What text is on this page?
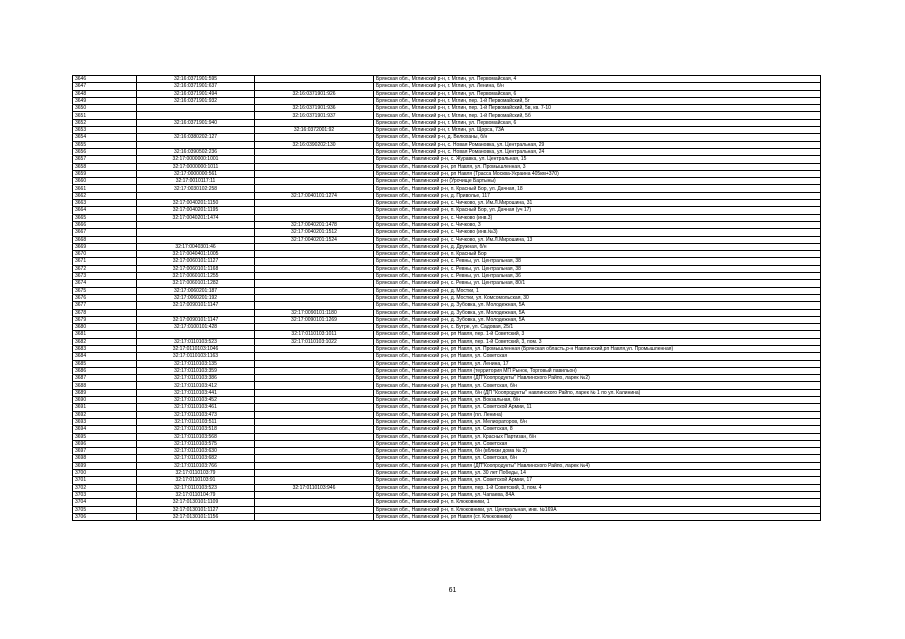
3646	32:16:0371901:595		Брянская обл., Мглинский р-н, г. Мглин, ул. Первомайская, 4
3647	32:16:0371901:637		Брянская обл., Мглинский р-н, г. Мглин, ул. Ленина, б/н
3648	32:16:0371901:494	32:16:0371901:926	Брянская обл., Мглинский р-н, г. Мглин, ул. Первомайская, 6
3649	32:16:0371901:932		Брянская обл., Мглинский р-н, г. Мглин, пер. 1-й Первомайский, 5г
3650		32:16:0371901:936	Брянская обл., Мглинский р-н, г. Мглин, пер. 1-й Первомайский, 5в, кв. 7-10
3651		32:16:0371901:937	Брянская обл., Мглинский р-н, г. Мглин, пер. 1-й Первомайский, 5б
3652	32:16:0371901:940		Брянская обл., Мглинский р-н, г. Мглин, ул. Первомайская, 6
3653		32:16:0372001:92	Брянская обл., Мглинский р-н, г. Мглин, ул. Щорса, 73А
3654	32:16:0380202:127		Брянская обл., Мглинский р-н, д. Велюханы, б/н
3655		32:16:0390202:130	Брянская обл., Мглинский р-н, с. Новая Романовка, ул. Центральная, 29
3656	32:16:0390502:236		Брянская обл., Мглинский р-н, с. Новая Романовка, ул. Центральная, 24
3657	32:17:0000000:1001		Брянская обл., Навлинский р-н, с. Журавка, ул. Центральная, 15
3658	32:17:0000000:1011		Брянская обл., Навлинский р-н, рп Навля, ул. Промышленная, 3
3659	32:17:0000000:561		Брянская обл., Навлинский р-н, рп Навля (Трасса Москва-Украина 405км+370)
3660	32:17:0010117:11		Брянская обл., Навлинский р-н (Урочище Бартыны)
3661	32:17:0030102:258		Брянская обл., Навлинский р-н, п. Красный Бор, ул. Дачная, 18
3662		32:17:0040101:1274	Брянская обл., Навлинский р-н, д. Приволье, 117
3663	32:17:0040201:1150		Брянская обл., Навлинский р-н, с. Чичково, ул. Им.Л.Мирошина, 31
3664	32:17:0040201:1195		Брянская обл., Навлинский р-н, п. Красный Бор, ул. Дачная (уч 17)
3665	32:17:0040201:1474		Брянская обл., Навлинский р-н, с. Чичково (инв.3)
3666		32:17:0040201:1478	Брянская обл., Навлинский р-н, с. Чичково, 3
3667		32:17:0040201:1512	Брянская обл., Навлинский р-н, с. Чичково (инв.№3)
3668		32:17:0040201:1524	Брянская обл., Навлинский р-н, с. Чичково, ул. Им.Л.Мирошина, 13
3669	32:17:0040301:46		Брянская обл., Навлинский р-н, д. Дружная, б/н
3670	32:17:0040401:1005		Брянская обл., Навлинский р-н, п. Красный Бор
3671	32:17:0060101:1127		Брянская обл., Навлинский р-н, с. Ревны, ул. Центральная, 38
3672	32:17:0060101:1168		Брянская обл., Навлинский р-н, с. Ревны, ул. Центральная, 38
3673	32:17:0060101:1255		Брянская обл., Навлинский р-н, с. Ревны, ул. Центральная, 36
3674	32:17:0060101:1282		Брянская обл., Навлинский р-н, с. Ревны, ул. Центральная, 80/1
3675	32:17:0060201:187		Брянская обл., Навлинский р-н, д. Мостки, 1
3676	32:17:0060201:192		Брянская обл., Навлинский р-н, д. Мостки, ул. Комсомольская, 30
3677	32:17:0090101:1147		Брянская обл., Навлинский р-н, д. Зубовка, ул. Молодежная, 5А
3678		32:17:0090101:1180	Брянская обл., Навлинский р-н, д. Зубовка, ул. Молодежная, 5А
3679	32:17:0090101:1147	32:17:0090101:1269	Брянская обл., Навлинский р-н, д. Зубовка, ул. Молодежная, 5А
3680	32:17:0100101:428		Брянская обл., Навлинский р-н, с. Бутре, ул. Садовая, 25/1
3681		32:17:0110103:1011	Брянская обл., Навлинский р-н, рп Навля, пер. 1-й Советский, 3
3682	32:17:0110103:523	32:17:0110103:1022	Брянская обл., Навлинский р-н, рп Навля, пер. 1-й Советский, 3, пом. 3
3683	32:17:0110103:1046		Брянская обл., Навлинский р-н, рп Навля, ул. Промышленная (Брянская область,р-н Навлинский,рп Навля,ул. Промышленная)
3684	32:17:0110103:1163		Брянская обл., Навлинский р-н, рп Навля, ул. Советская
3685	32:17:0110103:135		Брянская обл., Навлинский р-н, рп Навля, ул. Ленина, 17
3686	32:17:0110103:359		Брянская обл., Навлинский р-н, рп Навля (территория МП Рынок, Торговый павильон)
3687	32:17:0110103:386		Брянская обл., Навлинский р-н, рп Навля (ДП"Коопродукты" Навлинского Райпо, ларек №2)
3688	32:17:0110103:412		Брянская обл., Навлинский р-н, рп Навля, ул. Советская, б/н
3689	32:17:0110103:441		Брянская обл., Навлинский р-н, рп Навля, б/н (ДП "Коопродукты" навлинского Райпо, ларек № 1 по ул. Калинина)
3690	32:17:0110103:452		Брянская обл., Навлинский р-н, рп Навля, ул. Вокзальная, б/н
3691	32:17:0110103:461		Брянская обл., Навлинский р-н, рп Навля, ул. Советской Армии, 11
3692	32:17:0110103:473		Брянская обл., Навлинский р-н, рп Навля (пл. Ленина)
3693	32:17:0110103:511		Брянская обл., Навлинский р-н, рп Навля, ул. Мелиораторов, б/н
3694	32:17:0110103:518		Брянская обл., Навлинский р-н, рп Навля, ул. Советская, 8
3695	32:17:0110103:568		Брянская обл., Навлинский р-н, рп Навля, ул. Красных Партизан, б/н
3696	32:17:0110103:575		Брянская обл., Навлинский р-н, рп Навля, ул. Советская
3697	32:17:0110103:630		Брянская обл., Навлинский р-н, рп Навля, б/н (вблизи дома № 2)
3698	32:17:0110103:682		Брянская обл., Навлинский р-н, рп Навля, ул. Советская, б/н
3699	32:17:0110103:766		Брянская обл., Навлинский р-н, рп Навля (ДП"Коопродукты" Навлинского Райпо, ларек №4)
3700	32:17:0110103:79		Брянская обл., Навлинский р-н, рп Навля, ул. 30 лет Победы, 14
3701	32:17:0110103:91		Брянская обл., Навлинский р-н, рп Навля, ул. Советской Армии, 17
3702	32:17:0110103:523	32:17:0110103:946	Брянская обл., Навлинский р-н, рп Навля, пер. 1-й Советский, 3, пом. 4
3703	32:17:0110104:79		Брянская обл., Навлинский р-н, рп Навля, ул. Чапаева, 84А
3704	32:17:0130101:1109		Брянская обл., Навлинский р-н, п. Клюковники, 1
3705	32:17:0130101:1127		Брянская обл., Навлинский р-н, п. Клюковники, ул. Центральная, инв. №169А
3706	32:17:0130101:1156		Брянская обл., Навлинский р-н, рп Навля (ст. Клюковники)
61
